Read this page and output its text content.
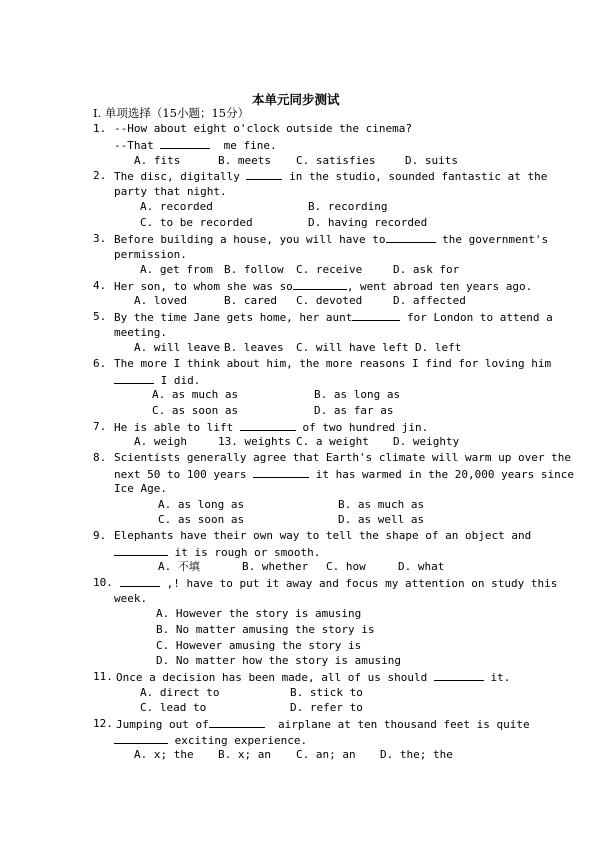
本单元同步测试
I. 单项选择（15小题；15分）
1. --How about eight o'clock outside the cinema?
--That	me fine.
A. fits	B. meets C. satisfies	D. suits
2. The disc, digitally	in the studio, sounded fantastic at the
party that night.
A. recorded	B. recording
C. to be recorded	D. having recorded
3. Before building a house, you will have to	the government's
permission.
A. get from B. follow C. receive	D. ask for
4. Her son, to whom she was so	, went abroad ten years ago.
A. loved	B. cared C. devoted	D. affected
5. By the time Jane gets home, her aunt	for London to attend a
meeting.
A. will leave B. leaves C. will have left D. left
6. The more I think about him, the more reasons I find for loving him
I did.
A. as much as	B. as long as
C. as soon as	D. as far as
7. He is able to lift	of two hundred jin.
A. weigh	13. weights C. a weight D. weighty
8. Scientists generally agree that Earth's climate will warm up over the
next 50 to 100 years	it has warmed in the 20,000 years since
Ice Age.
A. as long as	B. as much as
C. as soon as	D. as well as
9. Elephants have their own way to tell the shape of an object and
it is rough or smooth.
A. 不填	B. whether C. how	D. what
10.	,! have to put it away and focus my attention on study this
week.
A. However the story is amusing
B. No matter amusing the story is
C. However amusing the story is
D. No matter how the story is amusing
11. Once a decision has been made, all of us should	it.
A. direct to	B. stick to
C. lead to	D. refer to
12. Jumping out of	airplane at ten thousand feet is quite
exciting experience.
A. x; the B. x; an C. an; an D. the; the
